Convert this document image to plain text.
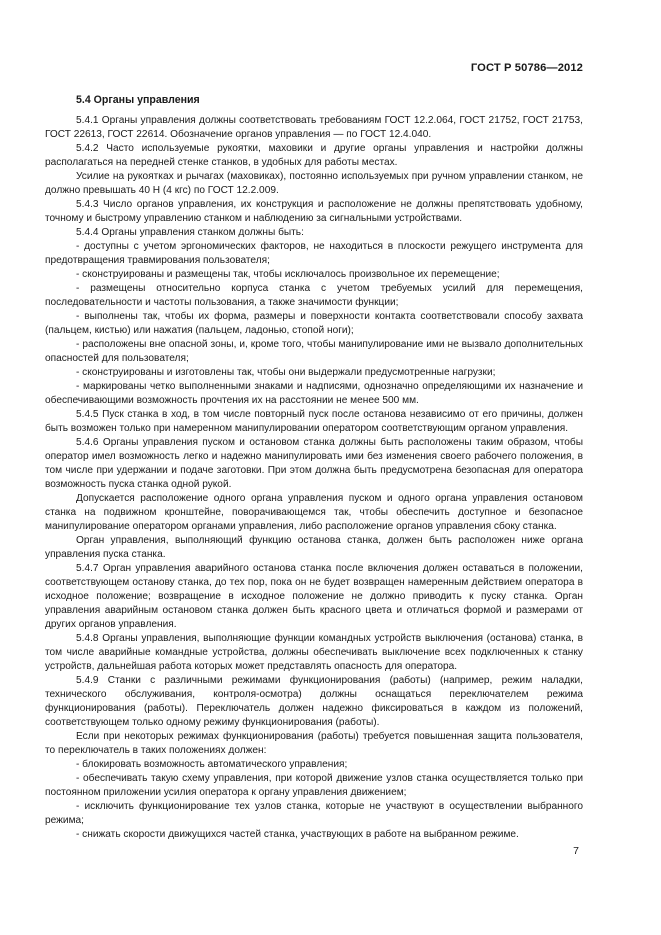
ГОСТ Р 50786—2012
5.4 Органы управления

5.4.1 Органы управления должны соответствовать требованиям ГОСТ 12.2.064, ГОСТ 21752, ГОСТ 21753, ГОСТ 22613, ГОСТ 22614. Обозначение органов управления — по ГОСТ 12.4.040.

5.4.2 Часто используемые рукоятки, маховики и другие органы управления и настройки должны располагаться на передней стенке станков, в удобных для работы местах.

Усилие на рукоятках и рычагах (маховиках), постоянно используемых при ручном управлении станком, не должно превышать 40 Н (4 кгс) по ГОСТ 12.2.009.

5.4.3 Число органов управления, их конструкция и расположение не должны препятствовать удобному, точному и быстрому управлению станком и наблюдению за сигнальными устройствами.

5.4.4 Органы управления станком должны быть:

- доступны с учетом эргономических факторов, не находиться в плоскости режущего инструмента для предотвращения травмирования пользователя;

- сконструированы и размещены так, чтобы исключалось произвольное их перемещение;

- размещены относительно корпуса станка с учетом требуемых усилий для перемещения, последовательности и частоты пользования, а также значимости функции;

- выполнены так, чтобы их форма, размеры и поверхности контакта соответствовали способу захвата (пальцем, кистью) или нажатия (пальцем, ладонью, стопой ноги);

- расположены вне опасной зоны, и, кроме того, чтобы манипулирование ими не вызвало дополнительных опасностей для пользователя;

- сконструированы и изготовлены так, чтобы они выдержали предусмотренные нагрузки;

- маркированы четко выполненными знаками и надписями, однозначно определяющими их назначение и обеспечивающими возможность прочтения их на расстоянии не менее 500 мм.

5.4.5 Пуск станка в ход, в том числе повторный пуск после останова независимо от его причины, должен быть возможен только при намеренном манипулировании оператором соответствующим органом управления.

5.4.6 Органы управления пуском и остановом станка должны быть расположены таким образом, чтобы оператор имел возможность легко и надежно манипулировать ими без изменения своего рабочего положения, в том числе при удержании и подаче заготовки. При этом должна быть предусмотрена безопасная для оператора возможность пуска станка одной рукой.

Допускается расположение одного органа управления пуском и одного органа управления остановом станка на подвижном кронштейне, поворачивающемся так, чтобы обеспечить доступное и безопасное манипулирование оператором органами управления, либо расположение органов управления сбоку станка.

Орган управления, выполняющий функцию останова станка, должен быть расположен ниже органа управления пуска станка.

5.4.7 Орган управления аварийного останова станка после включения должен оставаться в положении, соответствующем останову станка, до тех пор, пока он не будет возвращен намеренным действием оператора в исходное положение; возвращение в исходное положение не должно приводить к пуску станка. Орган управления аварийным остановом станка должен быть красного цвета и отличаться формой и размерами от других органов управления.

5.4.8 Органы управления, выполняющие функции командных устройств выключения (останова) станка, в том числе аварийные командные устройства, должны обеспечивать выключение всех подключенных к станку устройств, дальнейшая работа которых может представлять опасность для оператора.

5.4.9 Станки с различными режимами функционирования (работы) (например, режим наладки, технического обслуживания, контроля-осмотра) должны оснащаться переключателем режима функционирования (работы). Переключатель должен надежно фиксироваться в каждом из положений, соответствующем только одному режиму функционирования (работы).

Если при некоторых режимах функционирования (работы) требуется повышенная защита пользователя, то переключатель в таких положениях должен:

- блокировать возможность автоматического управления;

- обеспечивать такую схему управления, при которой движение узлов станка осуществляется только при постоянном приложении усилия оператора к органу управления движением;

- исключить функционирование тех узлов станка, которые не участвуют в осуществлении выбранного режима;

- снижать скорости движущихся частей станка, участвующих в работе на выбранном режиме.

7
